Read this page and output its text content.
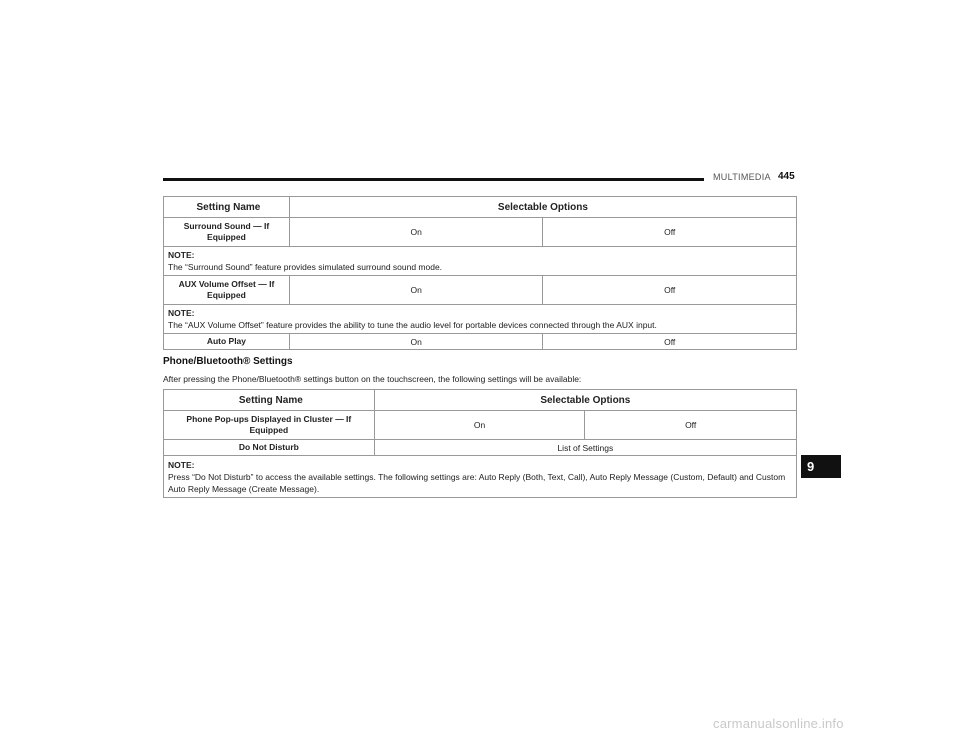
MULTIMEDIA 445
Setting Name	Selectable Options	
Surround Sound — If Equipped	On	Off

NOTE:
The “Surround Sound” feature provides simulated surround sound mode.		
AUX Volume Offset — If Equipped	On	Off

NOTE:
The “AUX Volume Offset” feature provides the ability to tune the audio level for portable devices connected through the AUX input.		
Auto Play	On	Off
Phone/Bluetooth® Settings
After pressing the Phone/Bluetooth® settings button on the touchscreen, the following settings will be available:
Setting Name	Selectable Options	
Phone Pop-ups Displayed in Cluster — If Equipped	On	Off
Do Not Disturb	List of Settings	

NOTE:
Press “Do Not Disturb” to access the available settings. The following settings are: Auto Reply (Both, Text, Call), Auto Reply Message (Custom, Default) and Custom Auto Reply Message (Create Message).		
9
carmanualsonline.info
